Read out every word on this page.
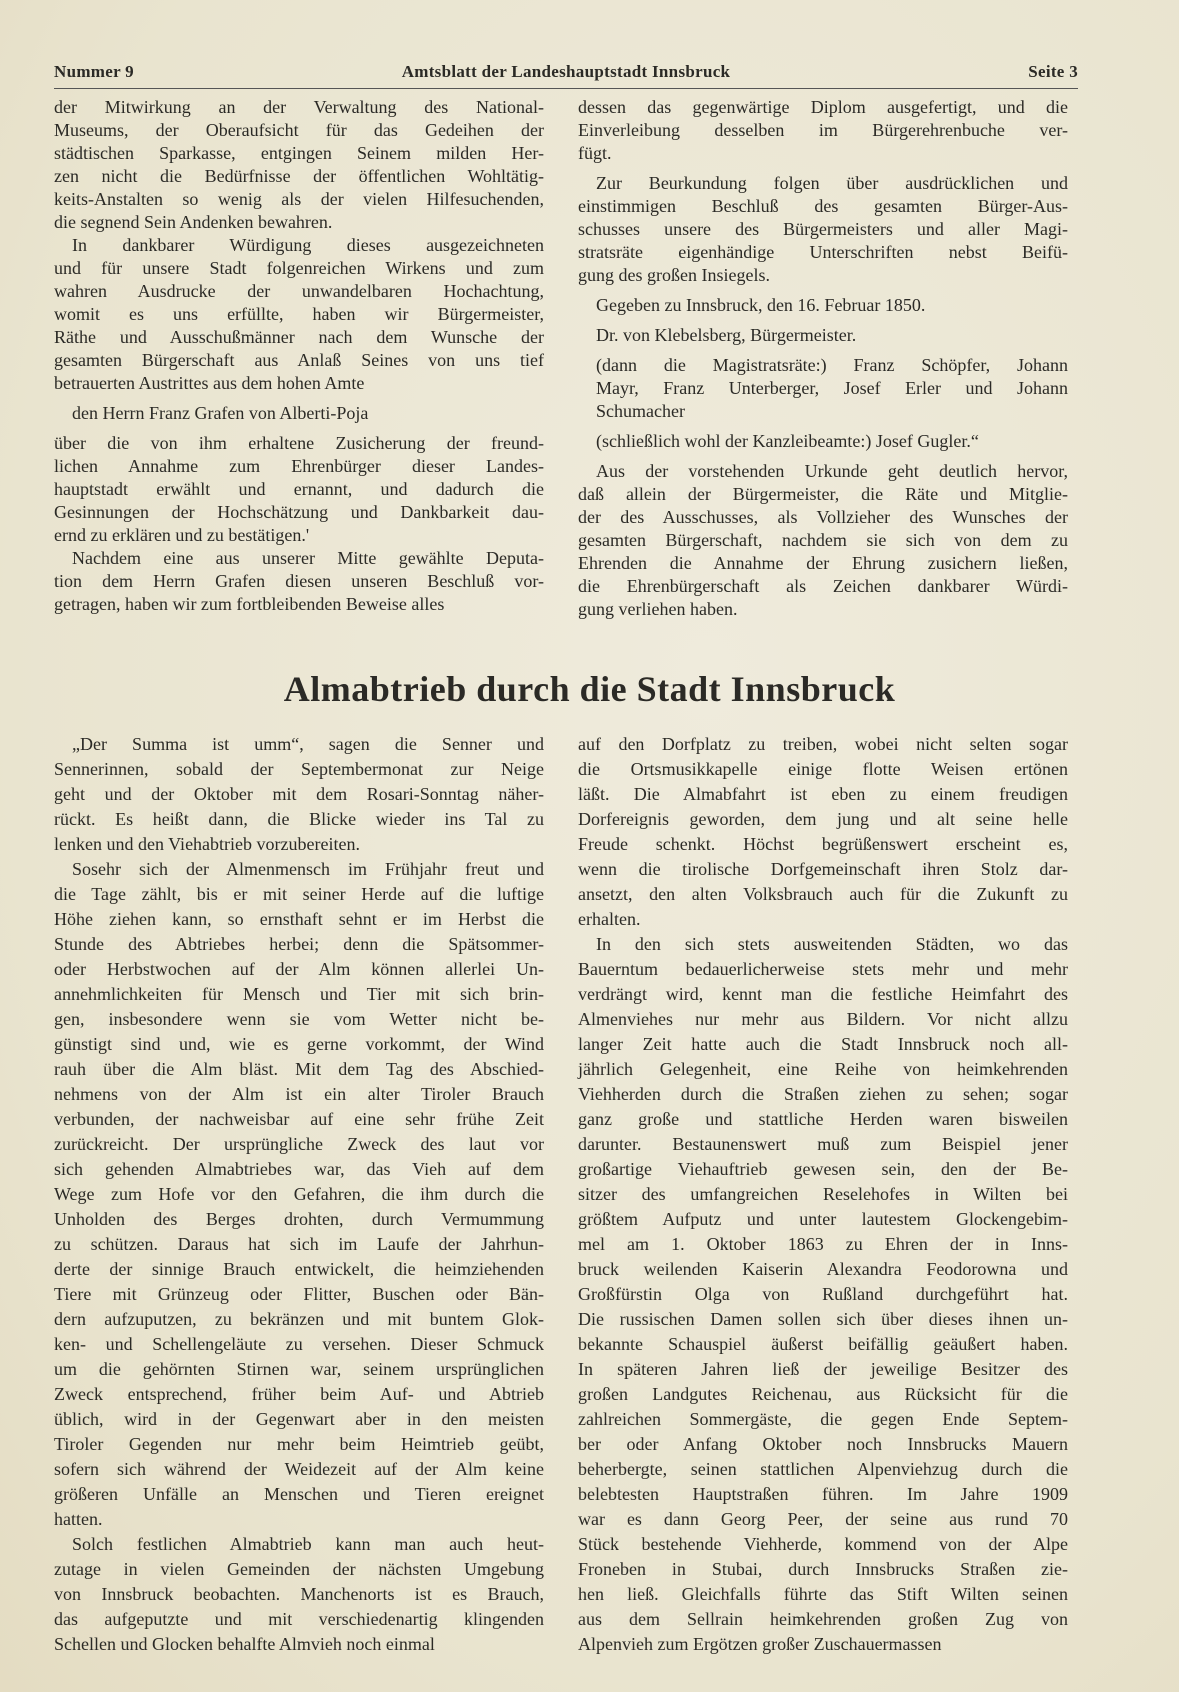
Nummer 9	Amtsblatt der Landeshauptstadt Innsbruck	Seite 3
der Mitwirkung an der Verwaltung des National-
Museums, der Oberaufsicht für das Gedeihen der
städtischen Sparkasse, entgingen Seinem milden Her-
zen nicht die Bedürfnisse der öffentlichen Wohltätig-
keits-Anstalten so wenig als der vielen Hilfesuchenden,
die segnend Sein Andenken bewahren.
In dankbarer Würdigung dieses ausgezeichneten
und für unsere Stadt folgenreichen Wirkens und zum
wahren Ausdrucke der unwandelbaren Hochachtung,
womit es uns erfüllte, haben wir Bürgermeister,
Räthe und Ausschußmänner nach dem Wunsche der
gesamten Bürgerschaft aus Anlaß Seines von uns tief
betrauerten Austrittes aus dem hohen Amte
den Herrn Franz Grafen von Alberti-Poja
über die von ihm erhaltene Zusicherung der freund-
lichen Annahme zum Ehrenbürger dieser Landes-
hauptstadt erwählt und ernannt, und dadurch die
Gesinnungen der Hochschätzung und Dankbarkeit dau-
ernd zu erklären und zu bestätigen.'
Nachdem eine aus unserer Mitte gewählte Deputa-
tion dem Herrn Grafen diesen unseren Beschluß vor-
getragen, haben wir zum fortbleibenden Beweise alles
dessen das gegenwärtige Diplom ausgefertigt, und die
Einverleibung desselben im Bürgerehrenbuche ver-
fügt.
Zur Beurkundung folgen über ausdrücklichen und
einstimmigen Beschluß des gesamten Bürger-Aus-
schusses unsere des Bürgermeisters und aller Magi-
stratsräte eigenhändige Unterschriften nebst Beifü-
gung des großen Insiegels.
Gegeben zu Innsbruck, den 16. Februar 1850.
Dr. von Klebelsberg, Bürgermeister.
(dann die Magistratsräte:) Franz Schöpfer, Johann
Mayr, Franz Unterberger, Josef Erler und Johann
Schumacher
(schließlich wohl der Kanzleibeamte:) Josef Gugler.“
Aus der vorstehenden Urkunde geht deutlich hervor,
daß allein der Bürgermeister, die Räte und Mitglie-
der des Ausschusses, als Vollzieher des Wunsches der
gesamten Bürgerschaft, nachdem sie sich von dem zu
Ehrenden die Annahme der Ehrung zusichern ließen,
die Ehrenbürgerschaft als Zeichen dankbarer Würdi-
gung verliehen haben.
Almabtrieb durch die Stadt Innsbruck
„Der Summa ist umm“, sagen die Senner und
Sennerinnen, sobald der Septembermonat zur Neige
geht und der Oktober mit dem Rosari-Sonntag näher-
rückt. Es heißt dann, die Blicke wieder ins Tal zu
lenken und den Viehabtrieb vorzubereiten.
Sosehr sich der Almenmensch im Frühjahr freut und
die Tage zählt, bis er mit seiner Herde auf die luftige
Höhe ziehen kann, so ernsthaft sehnt er im Herbst die
Stunde des Abtriebes herbei; denn die Spätsommer-
oder Herbstwochen auf der Alm können allerlei Un-
annehmlichkeiten für Mensch und Tier mit sich brin-
gen, insbesondere wenn sie vom Wetter nicht be-
günstigt sind und, wie es gerne vorkommt, der Wind
rauh über die Alm bläst. Mit dem Tag des Abschied-
nehmens von der Alm ist ein alter Tiroler Brauch
verbunden, der nachweisbar auf eine sehr frühe Zeit
zurückreicht. Der ursprüngliche Zweck des laut vor
sich gehenden Almabtriebes war, das Vieh auf dem
Wege zum Hofe vor den Gefahren, die ihm durch die
Unholden des Berges drohten, durch Vermummung
zu schützen. Daraus hat sich im Laufe der Jahrhun-
derte der sinnige Brauch entwickelt, die heimziehenden
Tiere mit Grünzeug oder Flitter, Buschen oder Bän-
dern aufzuputzen, zu bekränzen und mit buntem Glok-
ken- und Schellengeläute zu versehen. Dieser Schmuck
um die gehörnten Stirnen war, seinem ursprünglichen
Zweck entsprechend, früher beim Auf- und Abtrieb
üblich, wird in der Gegenwart aber in den meisten
Tiroler Gegenden nur mehr beim Heimtrieb geübt,
sofern sich während der Weidezeit auf der Alm keine
größeren Unfälle an Menschen und Tieren ereignet
hatten.
Solch festlichen Almabtrieb kann man auch heut-
zutage in vielen Gemeinden der nächsten Umgebung
von Innsbruck beobachten. Manchenorts ist es Brauch,
das aufgeputzte und mit verschiedenartig klingenden
Schellen und Glocken behalfte Almvieh noch einmal
auf den Dorfplatz zu treiben, wobei nicht selten sogar
die Ortsmusikkapelle einige flotte Weisen ertönen
läßt. Die Almabfahrt ist eben zu einem freudigen
Dorfereignis geworden, dem jung und alt seine helle
Freude schenkt. Höchst begrüßenswert erscheint es,
wenn die tirolische Dorfgemeinschaft ihren Stolz dar-
ansetzt, den alten Volksbrauch auch für die Zukunft zu
erhalten.
In den sich stets ausweitenden Städten, wo das
Bauerntum bedauerlicherweise stets mehr und mehr
verdrängt wird, kennt man die festliche Heimfahrt des
Almenviehes nur mehr aus Bildern. Vor nicht allzu
langer Zeit hatte auch die Stadt Innsbruck noch all-
jährlich Gelegenheit, eine Reihe von heimkehrenden
Viehherden durch die Straßen ziehen zu sehen; sogar
ganz große und stattliche Herden waren bisweilen
darunter. Bestaunenswert muß zum Beispiel jener
großartige Viehauftrieb gewesen sein, den der Be-
sitzer des umfangreichen Reselehofes in Wilten bei
größtem Aufputz und unter lautestem Glockengebim-
mel am 1. Oktober 1863 zu Ehren der in Inns-
bruck weilenden Kaiserin Alexandra Feodorowna und
Großfürstin Olga von Rußland durchgeführt hat.
Die russischen Damen sollen sich über dieses ihnen un-
bekannte Schauspiel äußerst beifällig geäußert haben.
In späteren Jahren ließ der jeweilige Besitzer des
großen Landgutes Reichenau, aus Rücksicht für die
zahlreichen Sommergäste, die gegen Ende Septem-
ber oder Anfang Oktober noch Innsbrucks Mauern
beherbergte, seinen stattlichen Alpenviehzug durch die
belebtesten Hauptstraßen führen. Im Jahre 1909
war es dann Georg Peer, der seine aus rund 70
Stück bestehende Viehherde, kommend von der Alpe
Froneben in Stubai, durch Innsbrucks Straßen zie-
hen ließ. Gleichfalls führte das Stift Wilten seinen
aus dem Sellrain heimkehrenden großen Zug von
Alpenvieh zum Ergötzen großer Zuschauermassen
